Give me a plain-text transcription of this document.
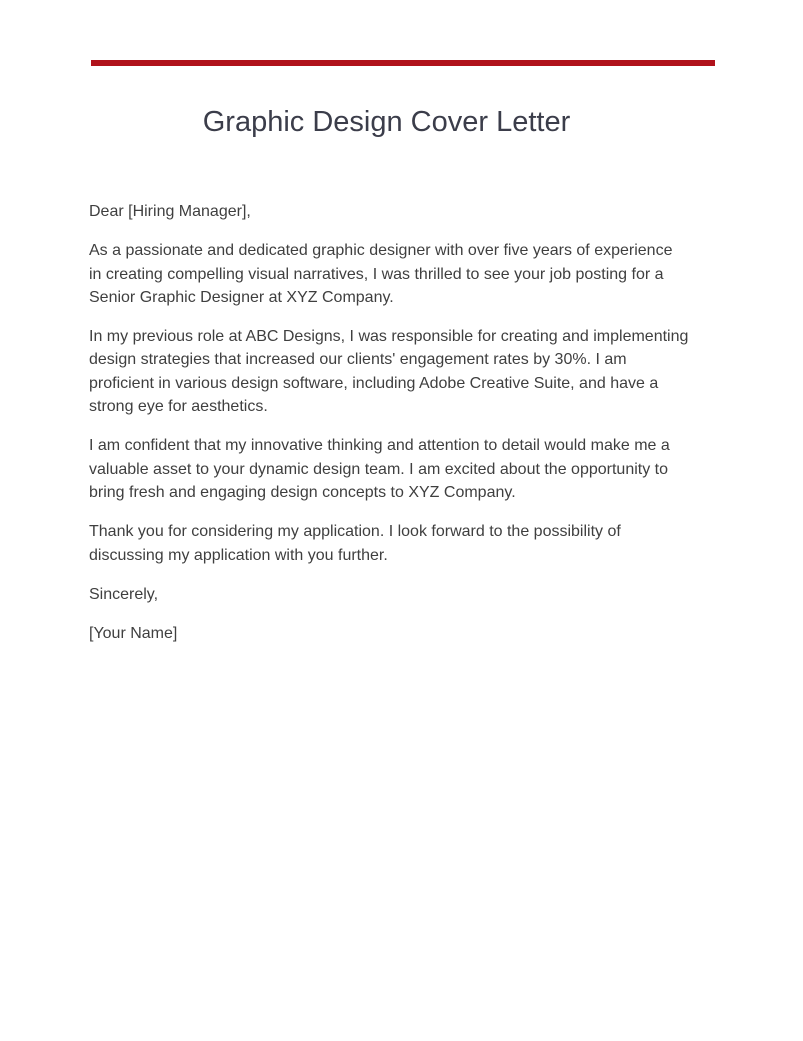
Graphic Design Cover Letter

Dear [Hiring Manager],

As a passionate and dedicated graphic designer with over five years of experience in creating compelling visual narratives, I was thrilled to see your job posting for a Senior Graphic Designer at XYZ Company.

In my previous role at ABC Designs, I was responsible for creating and implementing design strategies that increased our clients' engagement rates by 30%. I am proficient in various design software, including Adobe Creative Suite, and have a strong eye for aesthetics.

I am confident that my innovative thinking and attention to detail would make me a valuable asset to your dynamic design team. I am excited about the opportunity to bring fresh and engaging design concepts to XYZ Company.

Thank you for considering my application. I look forward to the possibility of discussing my application with you further.

Sincerely,

[Your Name]
